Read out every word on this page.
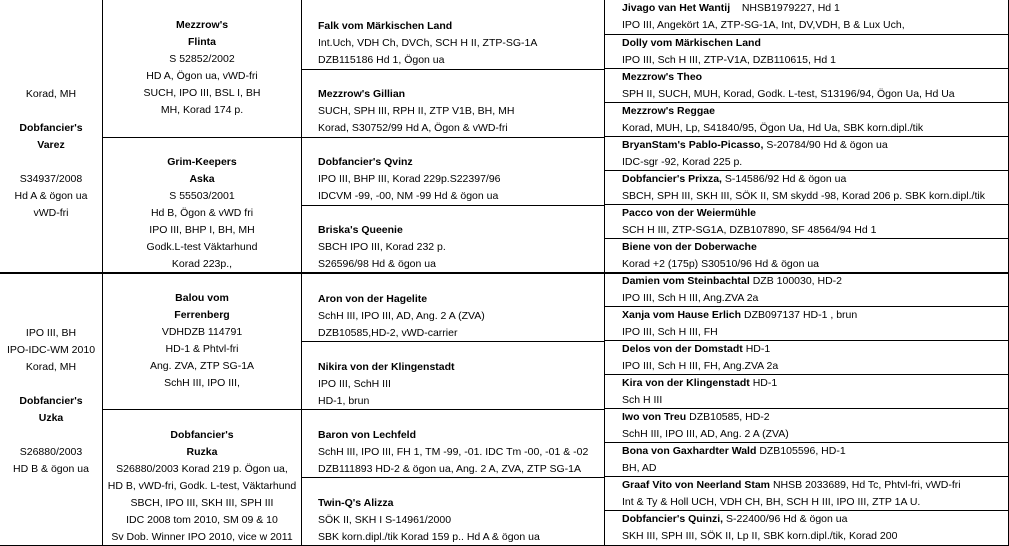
Korad, MH
Dobfancier's
Varez
S34937/2008
Hd A & ögon ua
vWD-fri
Mezzrow's
Flinta
S 52852/2002
HD A, Ögon ua, vWD-fri
SUCH, IPO III, BSL I, BH
MH, Korad 174 p.
Grim-Keepers
Aska
S 55503/2001
Hd B, Ögon & vWD fri
IPO III, BHP I, BH, MH
Godk.L-test Väktarhund
Korad 223p.,
Falk vom Märkischen Land
Int.Uch, VDH Ch, DVCh, SCH H II, ZTP-SG-1A
DZB115186 Hd 1, Ögon ua
Mezzrow's Gillian
SUCH, SPH III, RPH II, ZTP V1B, BH, MH
Korad, S30752/99 Hd A, Ögon & vWD-fri
Dobfancier's Qvinz
IPO III, BHP III, Korad 229p.S22397/96
IDCVM -99, -00, NM -99 Hd & ögon ua
Briska's Queenie
SBCH IPO III, Korad 232 p.
S26596/98 Hd & ögon ua
Jivago van Het Wantij NHSB1979227, Hd 1
IPO III, Angekört 1A, ZTP-SG-1A, Int, DV,VDH, B & Lux Uch,
Dolly vom Märkischen Land
IPO III, Sch H III, ZTP-V1A, DZB110615, Hd 1
Mezzrow's Theo
SPH II, SUCH, MUH, Korad, Godk. L-test, S13196/94, Ögon Ua, Hd Ua
Mezzrow's Reggae
Korad, MUH, Lp, S41840/95, Ögon Ua, Hd Ua, SBK korn.dipl./tik
BryanStam's Pablo-Picasso, S-20784/90 Hd & ögon ua
IDC-sgr -92, Korad 225 p.
Dobfancier's Prixza, S-14586/92 Hd & ögon ua
SBCH, SPH III, SKH III, SÖK II, SM skydd -98, Korad 206 p. SBK korn.dipl./tik
Pacco von der Weiermühle
SCH H III, ZTP-SG1A, DZB107890, SF 48564/94 Hd 1
Biene von der Doberwache
Korad +2 (175p) S30510/96 Hd & ögon ua
IPO III, BH
IPO-IDC-WM 2010
Korad, MH
Dobfancier's
Uzka
S26880/2003
HD B & ögon ua
Balou vom
Ferrenberg
VDHDZB 114791
HD-1 & Phtvl-fri
Ang. ZVA, ZTP SG-1A
SchH III, IPO III,
Dobfancier's
Ruzka
S26880/2003 Korad 219 p. Ögon ua,
HD B, vWD-fri, Godk. L-test, Väktarhund
SBCH, IPO III, SKH III, SPH III
IDC 2008 tom 2010, SM 09 & 10
Sv Dob. Winner IPO 2010, vice w 2011
Aron von der Hagelite
SchH III, IPO III, AD, Ang. 2 A (ZVA)
DZB10585,HD-2, vWD-carrier
Nikira von der Klingenstadt
IPO III, SchH III
HD-1, brun
Baron von Lechfeld
SchH III, IPO III, FH 1, TM -99, -01. IDC Tm -00, -01 & -02
DZB111893 HD-2 & ögon ua, Ang. 2 A, ZVA, ZTP SG-1A
Twin-Q's Alizza
SÖK II, SKH I S-14961/2000
SBK korn.dipl./tik Korad 159 p.. Hd A & ögon ua
Damien vom Steinbachtal DZB 100030, HD-2
IPO III, Sch H III, Ang.ZVA 2a
Xanja vom Hause Erlich DZB097137 HD-1 , brun
IPO III, Sch H III, FH
Delos von der Domstadt HD-1
IPO III, Sch H III, FH, Ang.ZVA 2a
Kira von der Klingenstadt HD-1
Sch H III
Iwo von Treu DZB10585, HD-2
SchH III, IPO III, AD, Ang. 2 A (ZVA)
Bona von Gaxhardter Wald DZB105596, HD-1
BH, AD
Graaf Vito von Neerland Stam NHSB 2033689, Hd Tc, Phtvl-fri, vWD-fri
Int & Ty & Holl UCH, VDH CH, BH, SCH H III, IPO III, ZTP 1A U.
Dobfancier's Quinzi, S-22400/96 Hd & ögon ua
SKH III, SPH III, SÖK II, Lp II, SBK korn.dipl./tik, Korad 200
